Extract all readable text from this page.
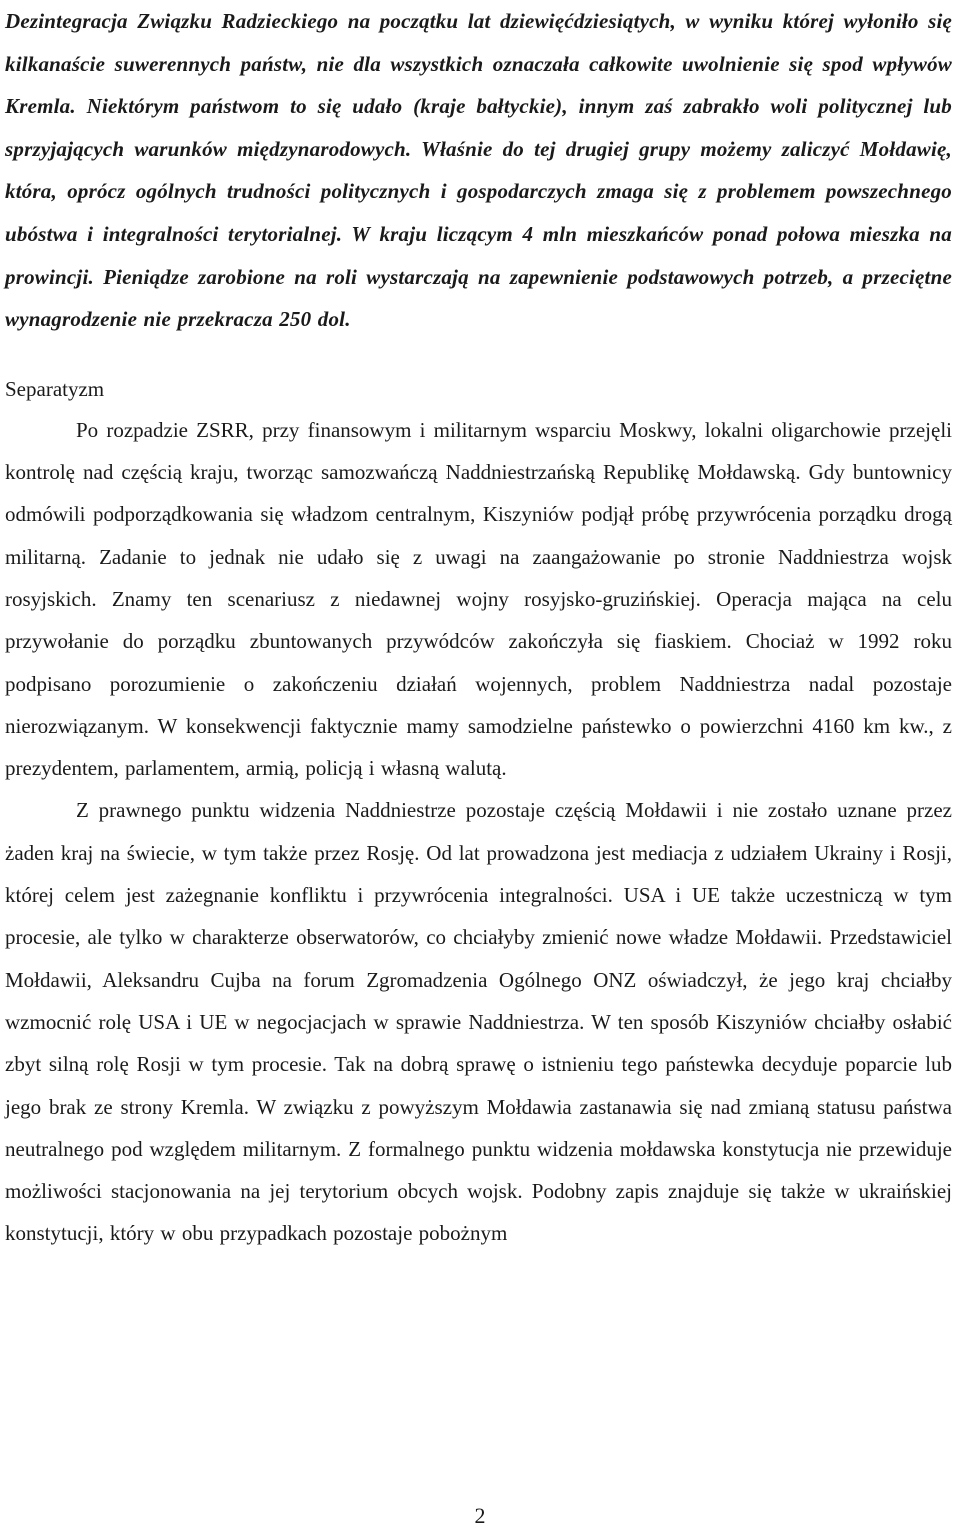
Dezintegracja Związku Radzieckiego na początku lat dziewięćdziesiątych, w wyniku której wyłoniło się kilkanaście suwerennych państw, nie dla wszystkich oznaczała całkowite uwolnienie się spod wpływów Kremla. Niektórym państwom to się udało (kraje bałtyckie), innym zaś zabrakło woli politycznej lub sprzyjających warunków międzynarodowych. Właśnie do tej drugiej grupy możemy zaliczyć Mołdawię, która, oprócz ogólnych trudności politycznych i gospodarczych zmaga się z problemem powszechnego ubóstwa i integralności terytorialnej. W kraju liczącym 4 mln mieszkańców ponad połowa mieszka na prowincji. Pieniądze zarobione na roli wystarczają na zapewnienie podstawowych potrzeb, a przeciętne wynagrodzenie nie przekracza 250 dol.

Separatyzm

Po rozpadzie ZSRR, przy finansowym i militarnym wsparciu Moskwy, lokalni oligarchowie przejęli kontrolę nad częścią kraju, tworząc samozwańczą Naddniestrzańską Republikę Mołdawską. Gdy buntownicy odmówili podporządkowania się władzom centralnym, Kiszyniów podjął próbę przywrócenia porządku drogą militarną. Zadanie to jednak nie udało się z uwagi na zaangażowanie po stronie Naddniestrza wojsk rosyjskich. Znamy ten scenariusz z niedawnej wojny rosyjsko-gruzińskiej. Operacja mająca na celu przywołanie do porządku zbuntowanych przywódców zakończyła się fiaskiem. Chociaż w 1992 roku podpisano porozumienie o zakończeniu działań wojennych, problem Naddniestrza nadal pozostaje nierozwiązanym. W konsekwencji faktycznie mamy samodzielne państewko o powierzchni 4160 km kw., z prezydentem, parlamentem, armią, policją i własną walutą.

Z prawnego punktu widzenia Naddniestrze pozostaje częścią Mołdawii i nie zostało uznane przez żaden kraj na świecie, w tym także przez Rosję. Od lat prowadzona jest mediacja z udziałem Ukrainy i Rosji, której celem jest zażegnanie konfliktu i przywrócenia integralności. USA i UE także uczestniczą w tym procesie, ale tylko w charakterze obserwatorów, co chciałyby zmienić nowe władze Mołdawii. Przedstawiciel Mołdawii, Aleksandru Cujba na forum Zgromadzenia Ogólnego ONZ oświadczył, że jego kraj chciałby wzmocnić rolę USA i UE w negocjacjach w sprawie Naddniestrza. W ten sposób Kiszyniów chciałby osłabić zbyt silną rolę Rosji w tym procesie. Tak na dobrą sprawę o istnieniu tego państewka decyduje poparcie lub jego brak ze strony Kremla. W związku z powyższym Mołdawia zastanawia się nad zmianą statusu państwa neutralnego pod względem militarnym. Z formalnego punktu widzenia mołdawska konstytucja nie przewiduje możliwości stacjonowania na jej terytorium obcych wojsk. Podobny zapis znajduje się także w ukraińskiej konstytucji, który w obu przypadkach pozostaje pobożnym

2
